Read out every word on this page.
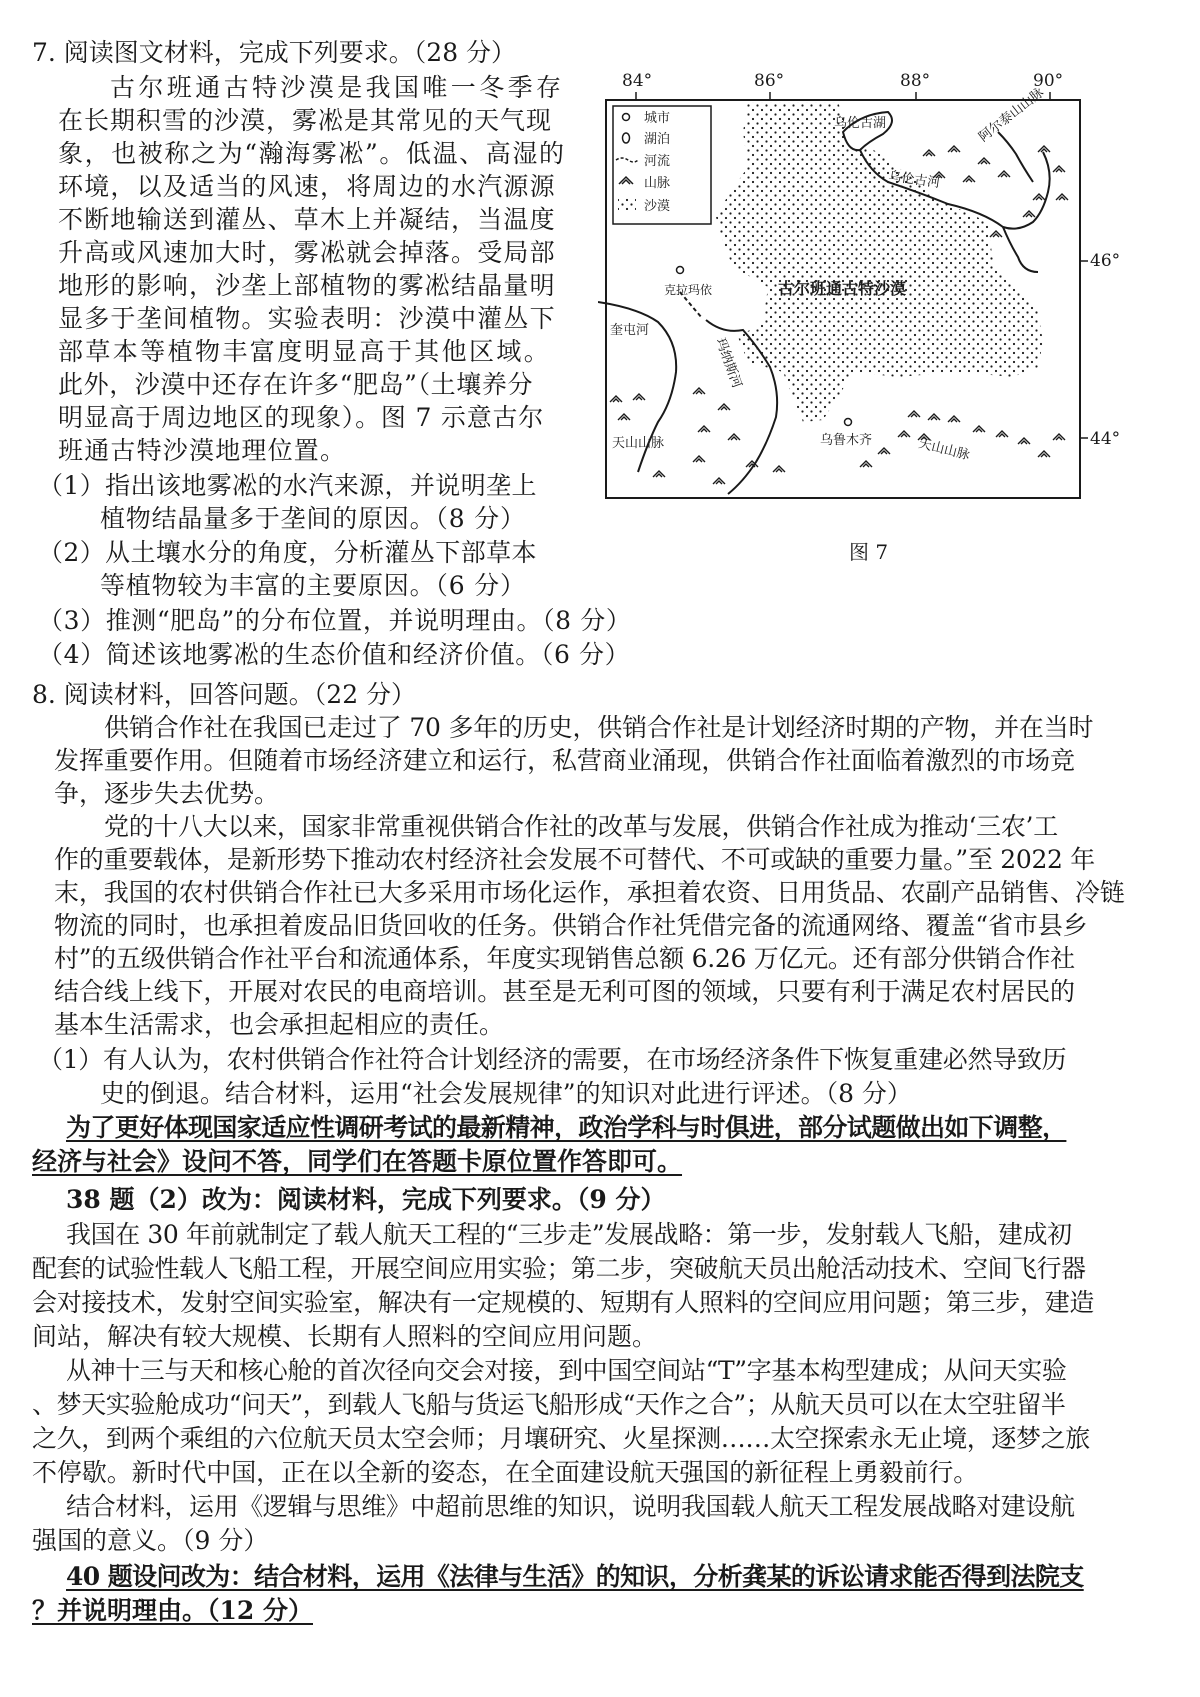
7. 阅读图文材料，完成下列要求。（28 分）
古尔班通古特沙漠是我国唯一冬季存
在长期积雪的沙漠，雾凇是其常见的天气现
象，也被称之为“瀚海雾凇”。低温、高湿的
环境，以及适当的风速，将周边的水汽源源
不断地输送到灌丛、草木上并凝结，当温度
升高或风速加大时，雾凇就会掉落。受局部
地形的影响，沙垄上部植物的雾凇结晶量明
显多于垄间植物。实验表明：沙漠中灌丛下
部草本等植物丰富度明显高于其他区域。
此外，沙漠中还存在许多“肥岛”（土壤养分
明显高于周边地区的现象）。图 7 示意古尔
班通古特沙漠地理位置。
（1）指出该地雾凇的水汽来源，并说明垄上
植物结晶量多于垄间的原因。（8 分）
（2）从土壤水分的角度，分析灌丛下部草本
等植物较为丰富的主要原因。（6 分）
（3）推测“肥岛”的分布位置，并说明理由。（8 分）
（4）简述该地雾凇的生态价值和经济价值。（6 分）
84°	86°	88°	90°
46°
44°
城市
湖泊
河流
山脉
沙漠
乌伦古湖	阿尔泰山山脉
乌伦古河
古尔班通古特沙漠
克拉玛依
奎屯河
玛纳斯河
天山山脉	乌鲁木齐	天山山脉
图 7
8. 阅读材料，回答问题。（22 分）
供销合作社在我国已走过了 70 多年的历史，供销合作社是计划经济时期的产物，并在当时
发挥重要作用。但随着市场经济建立和运行，私营商业涌现，供销合作社面临着激烈的市场竞
争，逐步失去优势。
党的十八大以来，国家非常重视供销合作社的改革与发展，供销合作社成为推动‘三农’工
作的重要载体，是新形势下推动农村经济社会发展不可替代、不可或缺的重要力量。”至 2022 年
末，我国的农村供销合作社已大多采用市场化运作，承担着农资、日用货品、农副产品销售、冷链
物流的同时，也承担着废品旧货回收的任务。供销合作社凭借完备的流通网络、覆盖“省市县乡
村”的五级供销合作社平台和流通体系，年度实现销售总额 6.26 万亿元。还有部分供销合作社
结合线上线下，开展对农民的电商培训。甚至是无利可图的领域，只要有利于满足农村居民的
基本生活需求，也会承担起相应的责任。
（1）有人认为，农村供销合作社符合计划经济的需要，在市场经济条件下恢复重建必然导致历
史的倒退。结合材料，运用“社会发展规律”的知识对此进行评述。（8 分）
为了更好体现国家适应性调研考试的最新精神，政治学科与时俱进，部分试题做出如下调整，
经济与社会》设问不答，同学们在答题卡原位置作答即可。
38 题（2）改为：阅读材料，完成下列要求。（9 分）
我国在 30 年前就制定了载人航天工程的“三步走”发展战略：第一步，发射载人飞船，建成初
配套的试验性载人飞船工程，开展空间应用实验；第二步，突破航天员出舱活动技术、空间飞行器
会对接技术，发射空间实验室，解决有一定规模的、短期有人照料的空间应用问题；第三步，建造
间站，解决有较大规模、长期有人照料的空间应用问题。
从神十三与天和核心舱的首次径向交会对接，到中国空间站“T”字基本构型建成；从问天实验
、梦天实验舱成功“问天”，到载人飞船与货运飞船形成“天作之合”；从航天员可以在太空驻留半
之久，到两个乘组的六位航天员太空会师；月壤研究、火星探测……太空探索永无止境，逐梦之旅
不停歇。新时代中国，正在以全新的姿态，在全面建设航天强国的新征程上勇毅前行。
结合材料，运用《逻辑与思维》中超前思维的知识，说明我国载人航天工程发展战略对建设航
强国的意义。（9 分）
40 题设问改为：结合材料，运用《法律与生活》的知识，分析龚某的诉讼请求能否得到法院支
？并说明理由。（12 分）
